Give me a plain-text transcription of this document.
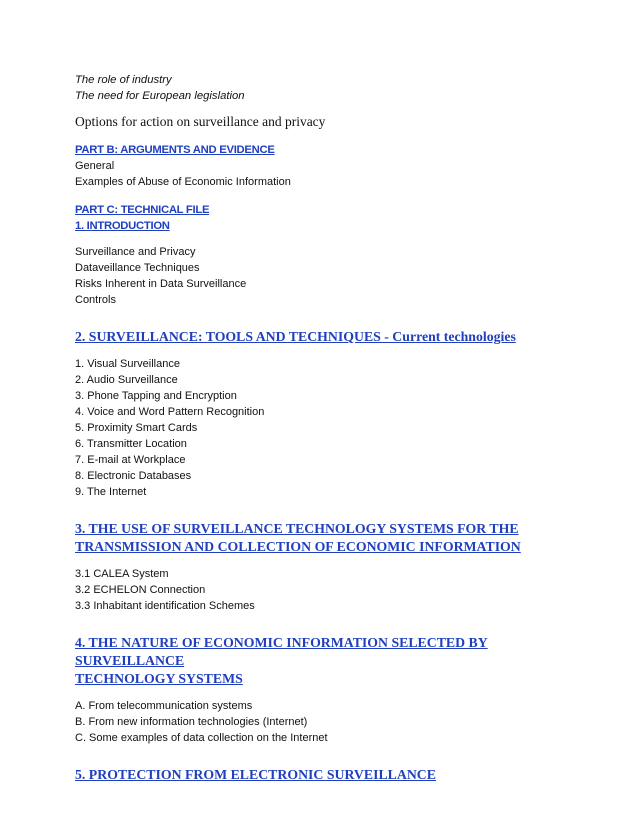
The role of industry
The need for European legislation
Options for action on surveillance and privacy
PART B: ARGUMENTS AND EVIDENCE
General
Examples of Abuse of Economic Information
PART C: TECHNICAL FILE
1. INTRODUCTION
Surveillance and Privacy
Dataveillance Techniques
Risks Inherent in Data Surveillance
Controls
2. SURVEILLANCE: TOOLS AND TECHNIQUES - Current technologies
1. Visual Surveillance
2. Audio Surveillance
3. Phone Tapping and Encryption
4. Voice and Word Pattern Recognition
5. Proximity Smart Cards
6. Transmitter Location
7. E-mail at Workplace
8. Electronic Databases
9. The Internet
3. THE USE OF SURVEILLANCE TECHNOLOGY SYSTEMS FOR THE
TRANSMISSION AND COLLECTION OF ECONOMIC INFORMATION
3.1 CALEA System
3.2 ECHELON Connection
3.3 Inhabitant identification Schemes
4. THE NATURE OF ECONOMIC INFORMATION SELECTED BY SURVEILLANCE
TECHNOLOGY SYSTEMS
A. From telecommunication systems
B. From new information technologies (Internet)
C. Some examples of data collection on the Internet
5. PROTECTION FROM ELECTRONIC SURVEILLANCE
